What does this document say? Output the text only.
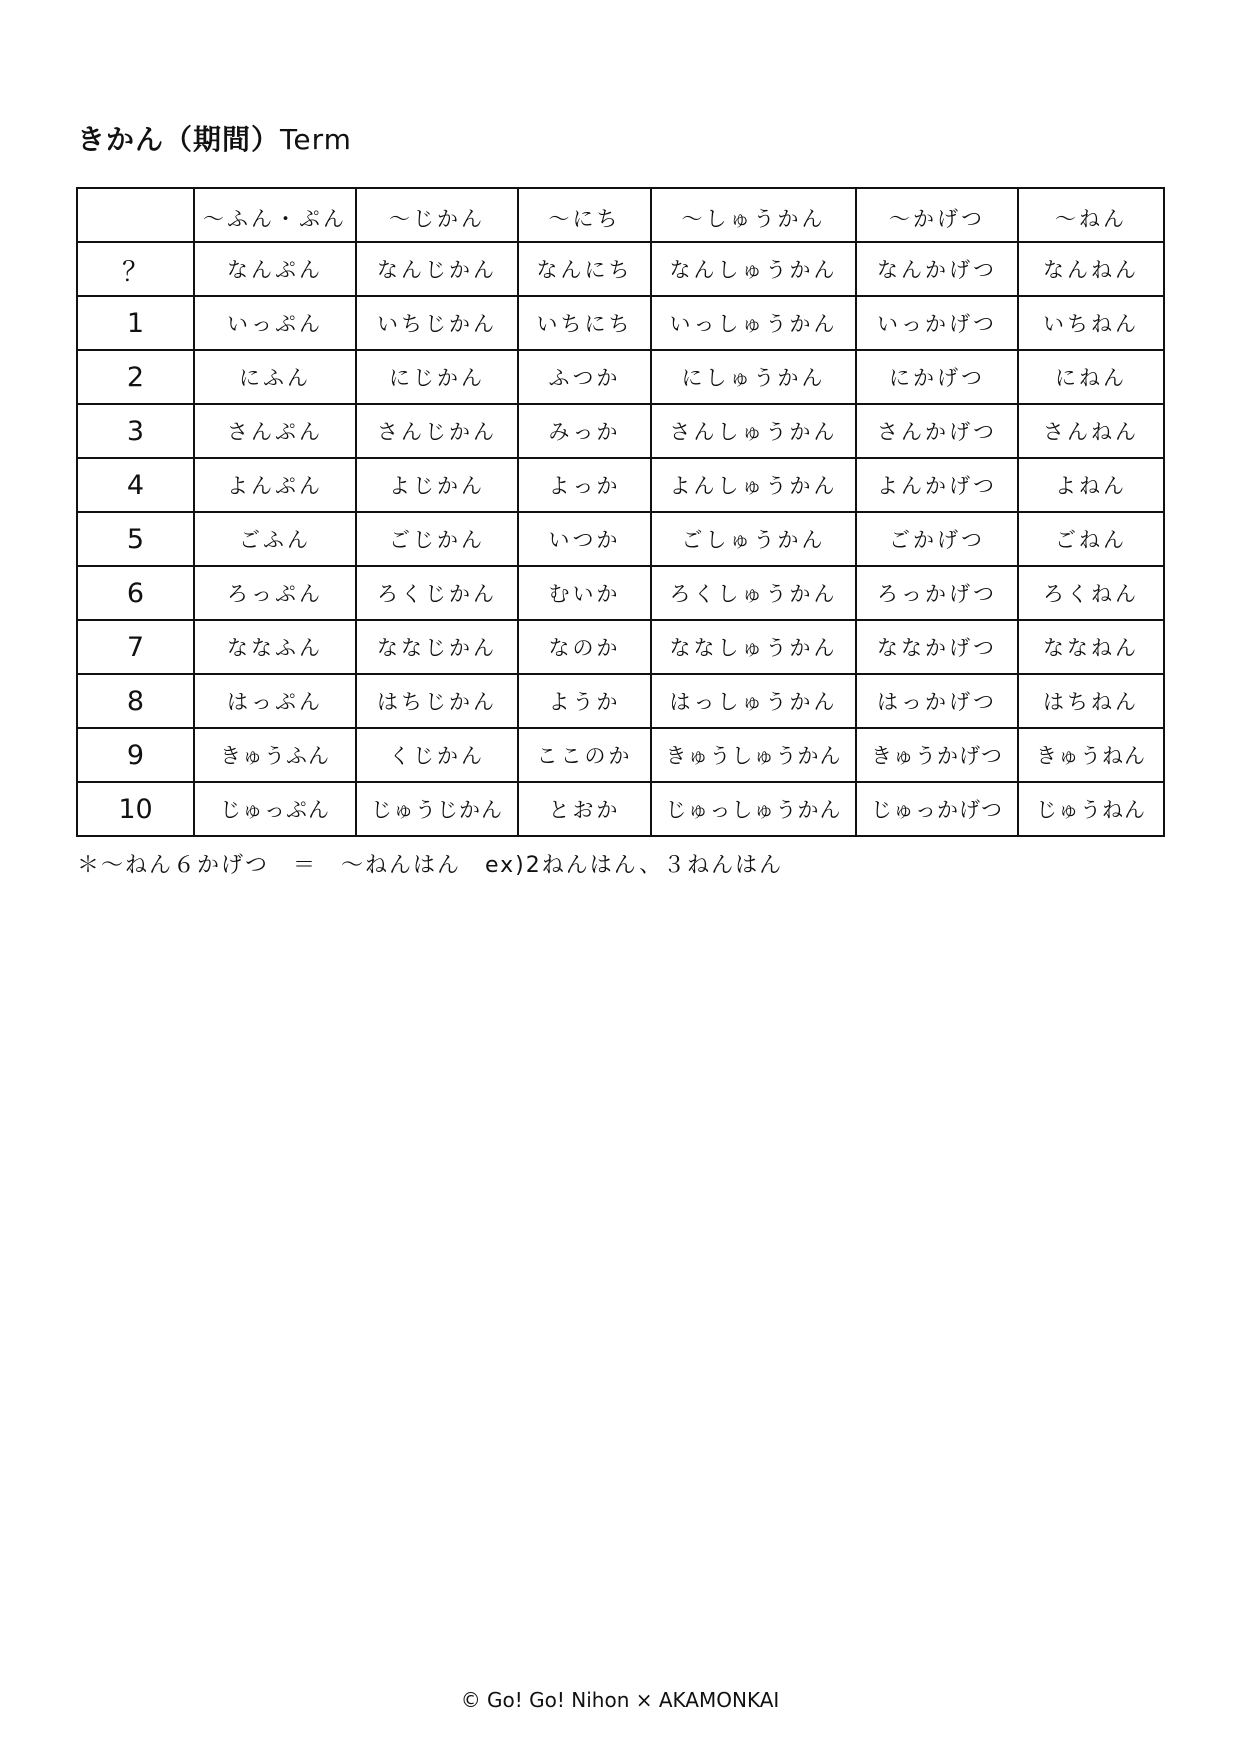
きかん（期間）Term
	～ふん・ぷん	～じかん	～にち	～しゅうかん	～かげつ	～ねん
？	なんぷん	なんじかん	なんにち	なんしゅうかん	なんかげつ	なんねん
1	いっぷん	いちじかん	いちにち	いっしゅうかん	いっかげつ	いちねん
2	にふん	にじかん	ふつか	にしゅうかん	にかげつ	にねん
3	さんぷん	さんじかん	みっか	さんしゅうかん	さんかげつ	さんねん
4	よんぷん	よじかん	よっか	よんしゅうかん	よんかげつ	よねん
5	ごふん	ごじかん	いつか	ごしゅうかん	ごかげつ	ごねん
6	ろっぷん	ろくじかん	むいか	ろくしゅうかん	ろっかげつ	ろくねん
7	ななふん	ななじかん	なのか	ななしゅうかん	ななかげつ	ななねん
8	はっぷん	はちじかん	ようか	はっしゅうかん	はっかげつ	はちねん
9	きゅうふん	くじかん	ここのか	きゅうしゅうかん	きゅうかげつ	きゅうねん
10	じゅっぷん	じゅうじかん	とおか	じゅっしゅうかん	じゅっかげつ	じゅうねん
＊～ねん６かげつ　＝　～ねんはん　ex)2ねんはん、３ねんはん
© Go! Go! Nihon × AKAMONKAI
